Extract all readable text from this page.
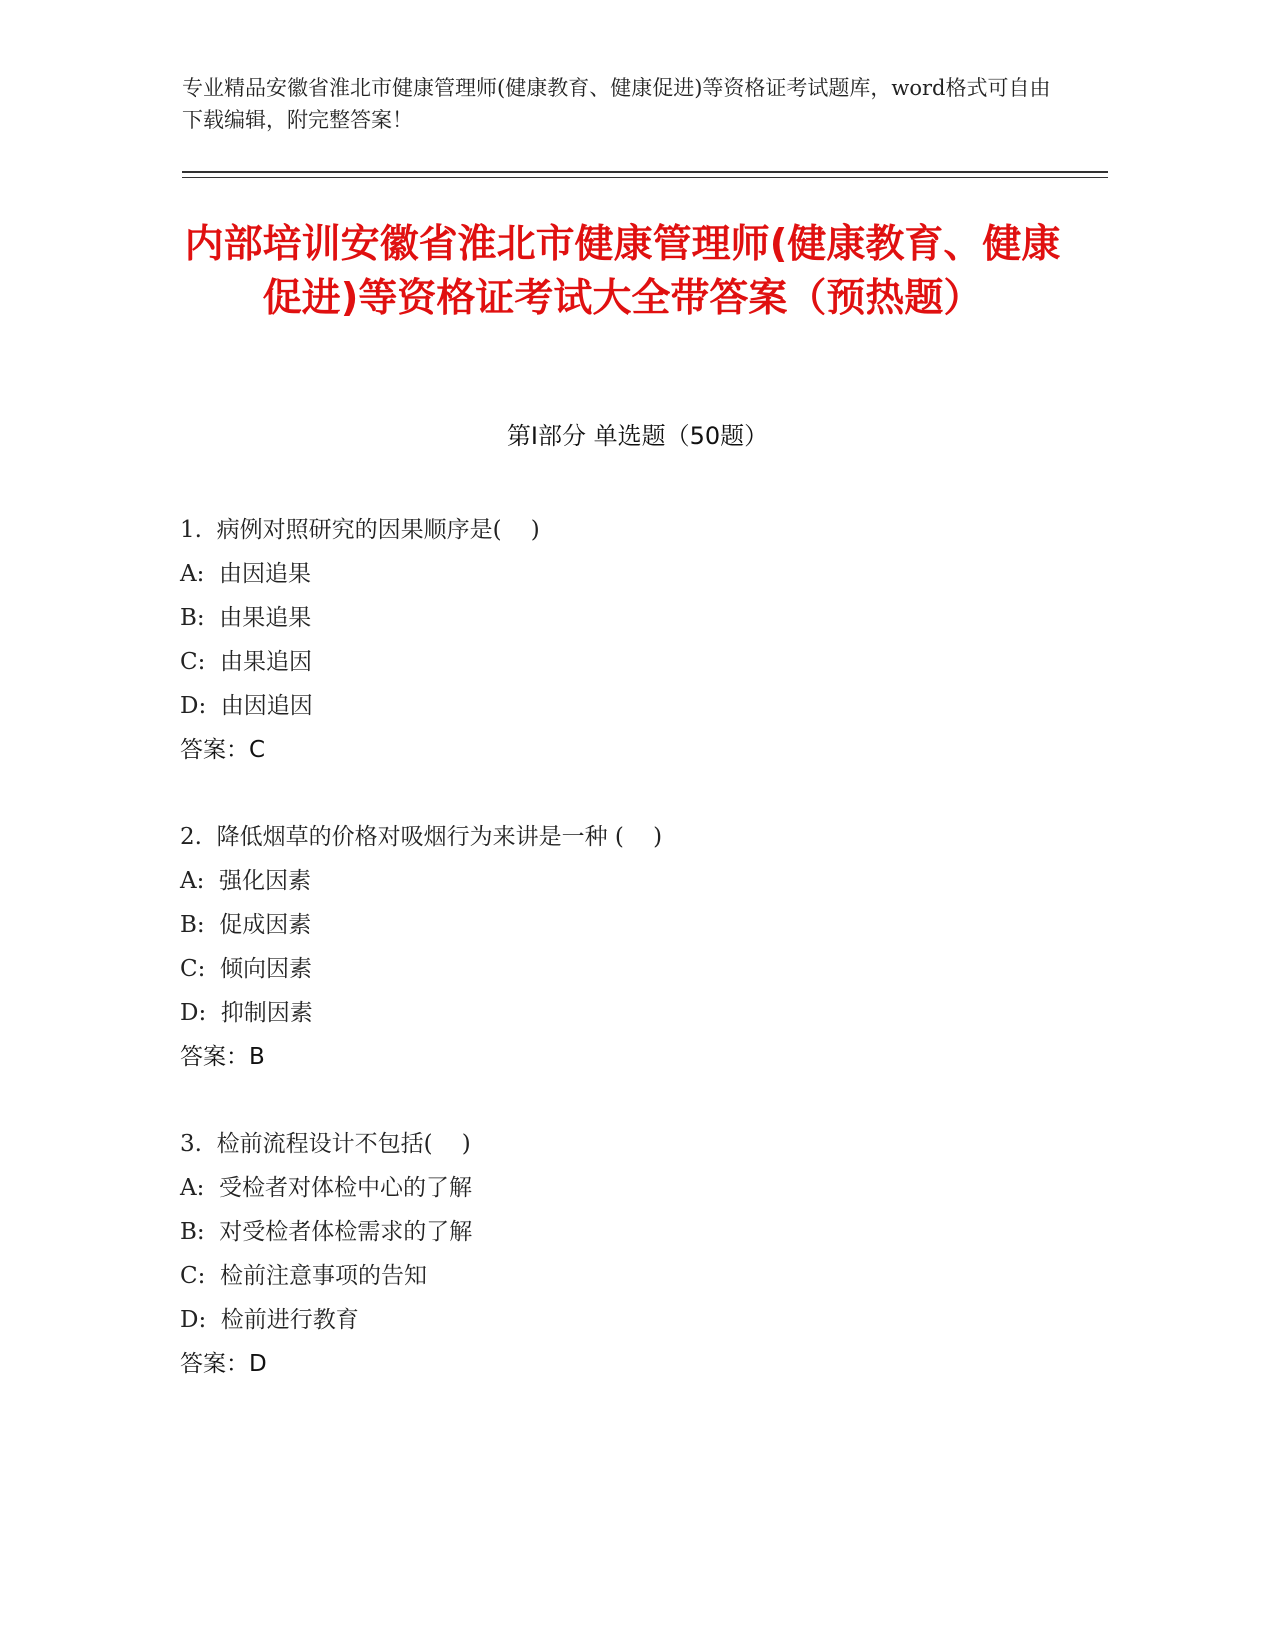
专业精品安徽省淮北市健康管理师(健康教育、健康促进)等资格证考试题库，word格式可自由下载编辑，附完整答案！
内部培训安徽省淮北市健康管理师(健康教育、健康促进)等资格证考试大全带答案（预热题）
第Ⅰ部分 单选题（50题）
1.  病例对照研究的因果顺序是(    )
A:  由因追果
B:  由果追果
C:  由果追因
D:  由因追因
答案：C
2.  降低烟草的价格对吸烟行为来讲是一种 (    )
A:  强化因素
B:  促成因素
C:  倾向因素
D:  抑制因素
答案：B
3.  检前流程设计不包括(    )
A:  受检者对体检中心的了解
B:  对受检者体检需求的了解
C:  检前注意事项的告知
D:  检前进行教育
答案：D
